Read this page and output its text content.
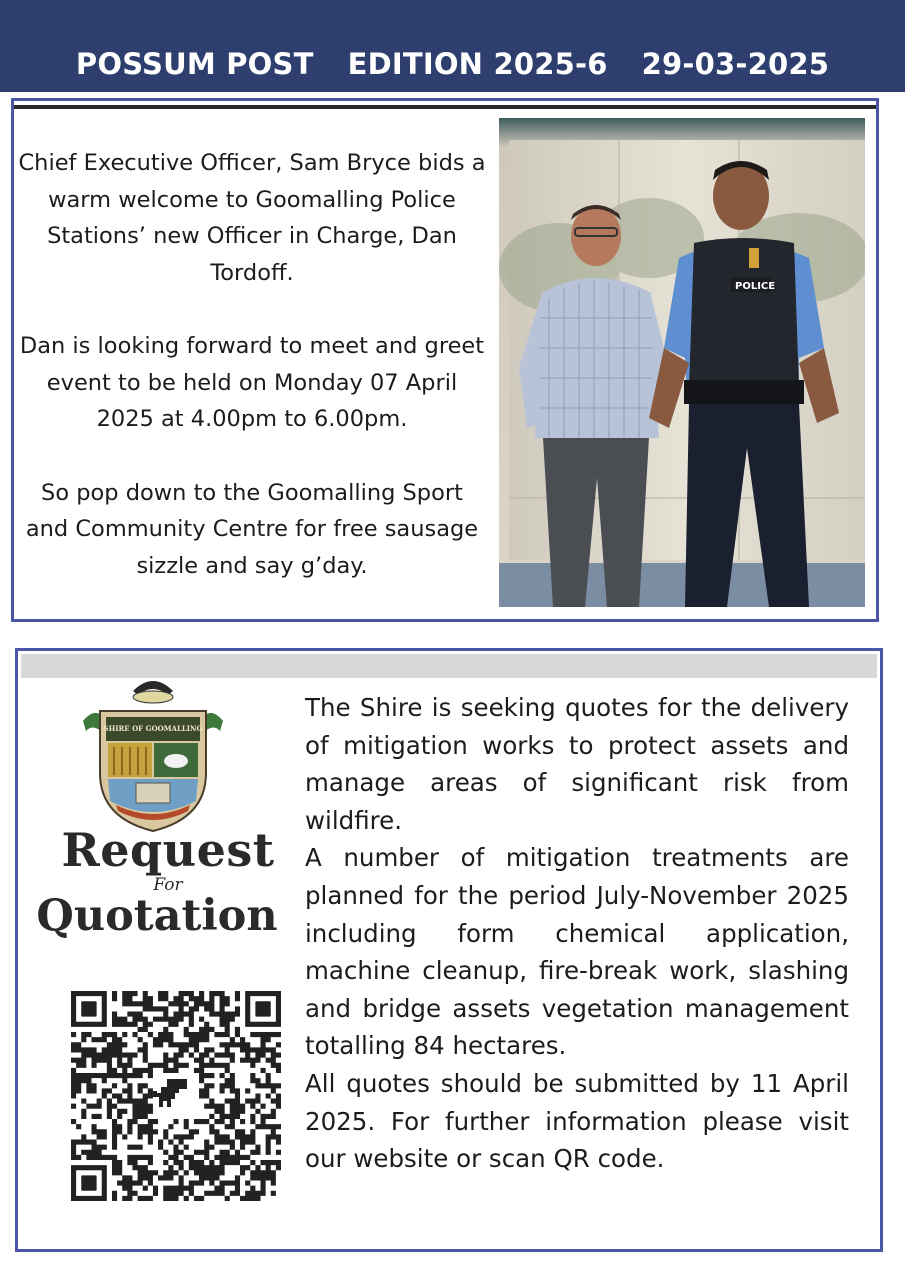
POSSUM POST EDITION 2025-6 29-03-2025

Chief Executive Officer, Sam Bryce bids a warm welcome to Goomalling Police Stations’ new Officer in Charge, Dan Tordoff.

Dan is looking forward to meet and greet event to be held on Monday 07 April 2025 at 4.00pm to 6.00pm.

So pop down to the Goomalling Sport and Community Centre for free sausage sizzle and say g’day.

POLICE
SHIRE OF GOOMALLING
Request
For
Quotation

The Shire is seeking quotes for the delivery of mitigation works to protect assets and manage areas of significant risk from wildfire.

A number of mitigation treatments are planned for the period July-November 2025 including form chemical application, machine cleanup, fire-break work, slashing and bridge assets vegetation management totalling 84 hectares.

All quotes should be submitted by 11 April 2025. For further information please visit our website or scan QR code.
